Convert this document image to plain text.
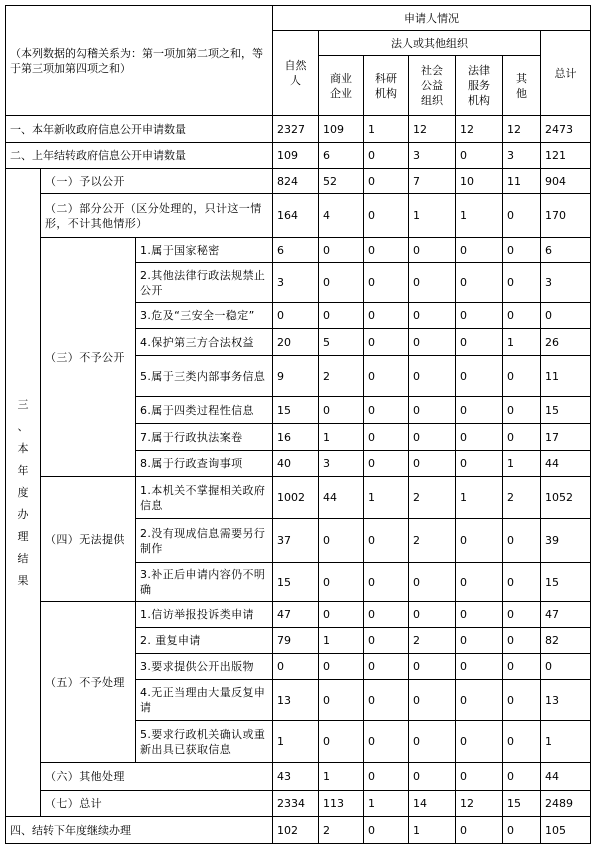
（本列数据的勾稽关系为：第一项加第二项之和，等于第三项加第四项之和）			申请人情况						
			自然人	法人或其他组织					总计
				商业企业	科研机构	社会公益组织	法律服务机构	其他	
一、本年新收政府信息公开申请数量			2327	109	1	12	12	12	2473
二、上年结转政府信息公开申请数量			109	6	0	3	0	3	121
三、本年度办理结果	（一）予以公开		824	52	0	7	10	11	904
	（二）部分公开（区分处理的，只计这一情形，不计其他情形）		164	4	0	1	1	0	170
	（三）不予公开	1.属于国家秘密	6	0	0	0	0	0	6
		2.其他法律行政法规禁止公开	3	0	0	0	0	0	3
		3.危及“三安全一稳定”	0	0	0	0	0	0	0
		4.保护第三方合法权益	20	5	0	0	0	1	26
		5.属于三类内部事务信息	9	2	0	0	0	0	11
		6.属于四类过程性信息	15	0	0	0	0	0	15
		7.属于行政执法案卷	16	1	0	0	0	0	17
		8.属于行政查询事项	40	3	0	0	0	1	44
	（四）无法提供	1.本机关不掌握相关政府信息	1002	44	1	2	1	2	1052
		2.没有现成信息需要另行制作	37	0	0	2	0	0	39
		3.补正后申请内容仍不明确	15	0	0	0	0	0	15
	（五）不予处理	1.信访举报投诉类申请	47	0	0	0	0	0	47
		2. 重复申请	79	1	0	2	0	0	82
		3.要求提供公开出版物	0	0	0	0	0	0	0
		4.无正当理由大量反复申请	13	0	0	0	0	0	13
		5.要求行政机关确认或重新出具已获取信息	1	0	0	0	0	0	1
	（六）其他处理		43	1	0	0	0	0	44
	（七）总计		2334	113	1	14	12	15	2489
四、结转下年度继续办理			102	2	0	1	0	0	105
